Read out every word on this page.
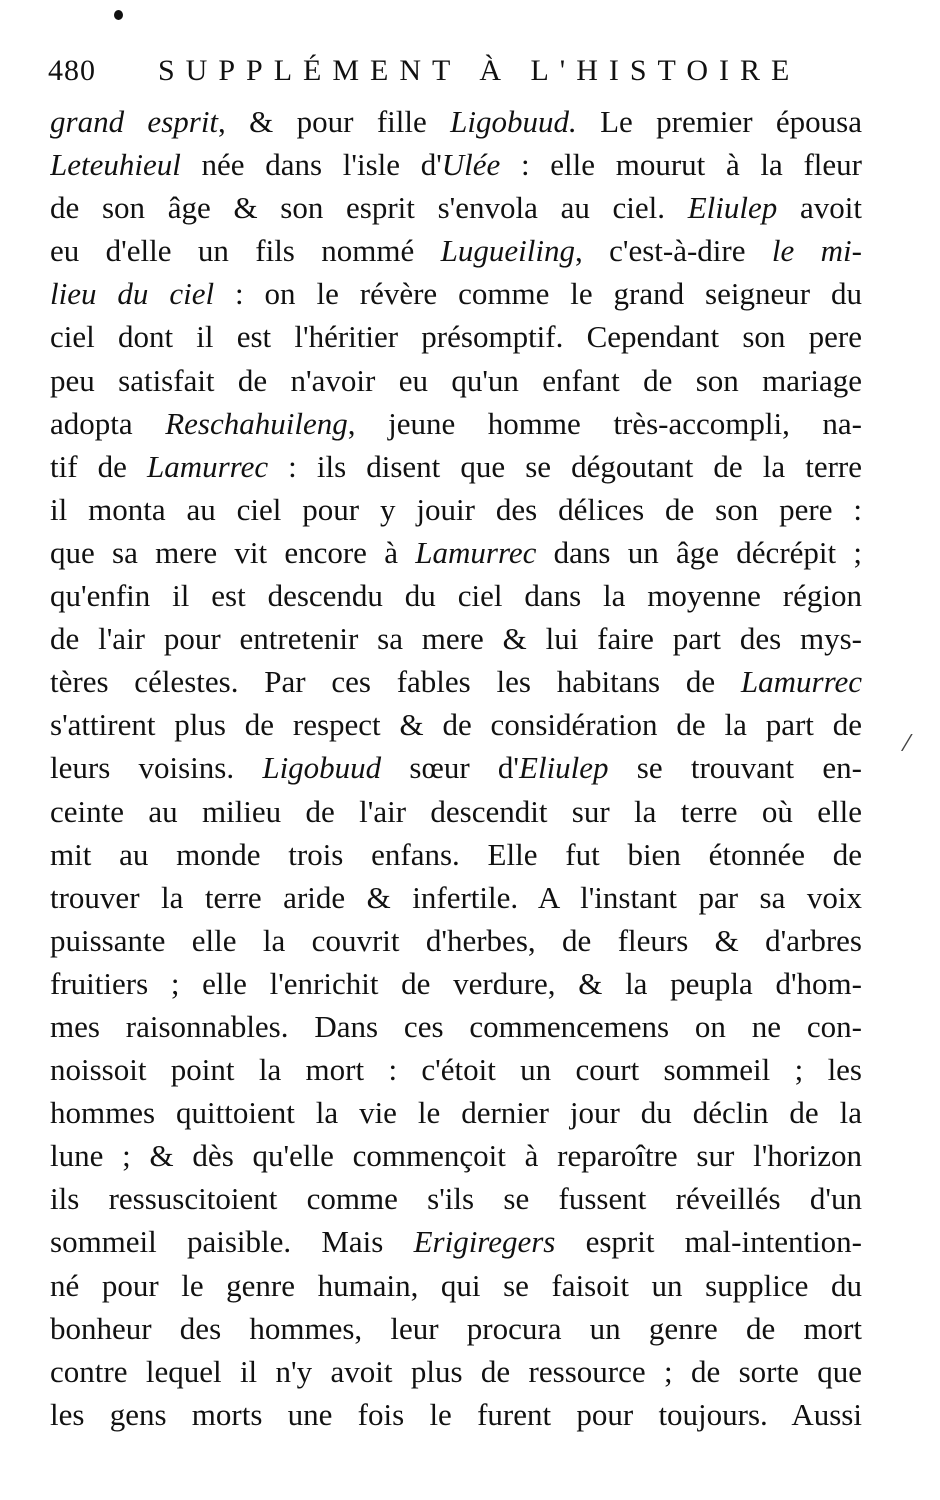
480	SUPPLÉMENT À L'HISTOIRE
grand esprit, & pour fille Ligobuud. Le premier épousa
Leteuhieul née dans l'isle d'Ulée : elle mourut à la fleur
de son âge & son esprit s'envola au ciel. Eliulep avoit
eu d'elle un fils nommé Lugueiling, c'est-à-dire le mi-
lieu du ciel : on le révère comme le grand seigneur du
ciel dont il est l'héritier présomptif. Cependant son pere
peu satisfait de n'avoir eu qu'un enfant de son mariage
adopta Reschahuileng, jeune homme très-accompli, na-
tif de Lamurrec : ils disent que se dégoutant de la terre
il monta au ciel pour y jouir des délices de son pere :
que sa mere vit encore à Lamurrec dans un âge décrépit ;
qu'enfin il est descendu du ciel dans la moyenne région
de l'air pour entretenir sa mere & lui faire part des mys-
tères célestes. Par ces fables les habitans de Lamurrec
s'attirent plus de respect & de considération de la part de
leurs voisins. Ligobuud sœur d'Eliulep se trouvant en-
ceinte au milieu de l'air descendit sur la terre où elle
mit au monde trois enfans. Elle fut bien étonnée de
trouver la terre aride & infertile. A l'instant par sa voix
puissante elle la couvrit d'herbes, de fleurs & d'arbres
fruitiers ; elle l'enrichit de verdure, & la peupla d'hom-
mes raisonnables. Dans ces commencemens on ne con-
noissoit point la mort : c'étoit un court sommeil ; les
hommes quittoient la vie le dernier jour du déclin de la
lune ; & dès qu'elle commençoit à reparoître sur l'horizon
ils ressuscitoient comme s'ils se fussent réveillés d'un
sommeil paisible. Mais Erigiregers esprit mal-intention-
né pour le genre humain, qui se faisoit un supplice du
bonheur des hommes, leur procura un genre de mort
contre lequel il n'y avoit plus de ressource ; de sorte que
les gens morts une fois le furent pour toujours. Aussi
⁄
